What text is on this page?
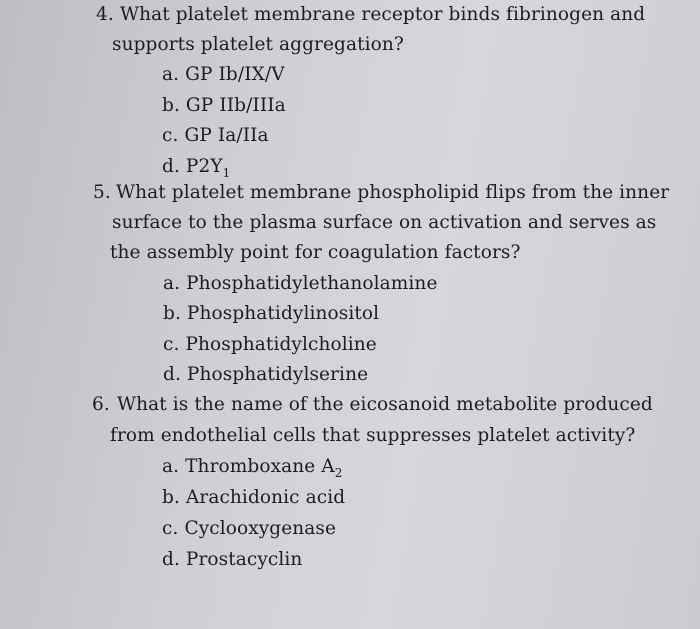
4. What platelet membrane receptor binds fibrinogen and
supports platelet aggregation?
a. GP Ib/IX/V
b. GP IIb/IIIa
c. GP Ia/IIa
d. $P2Y_1$
5. What platelet membrane phospholipid flips from the inner
surface to the plasma surface on activation and serves as
the assembly point for coagulation factors?
a. Phosphatidylethanolamine
b. Phosphatidylinositol
c. Phosphatidylcholine
d. Phosphatidylserine
6. What is the name of the eicosanoid metabolite produced
from endothelial cells that suppresses platelet activity?
a. Thromboxane $A_2$
b. Arachidonic acid
c. Cyclooxygenase
d. Prostacyclin
